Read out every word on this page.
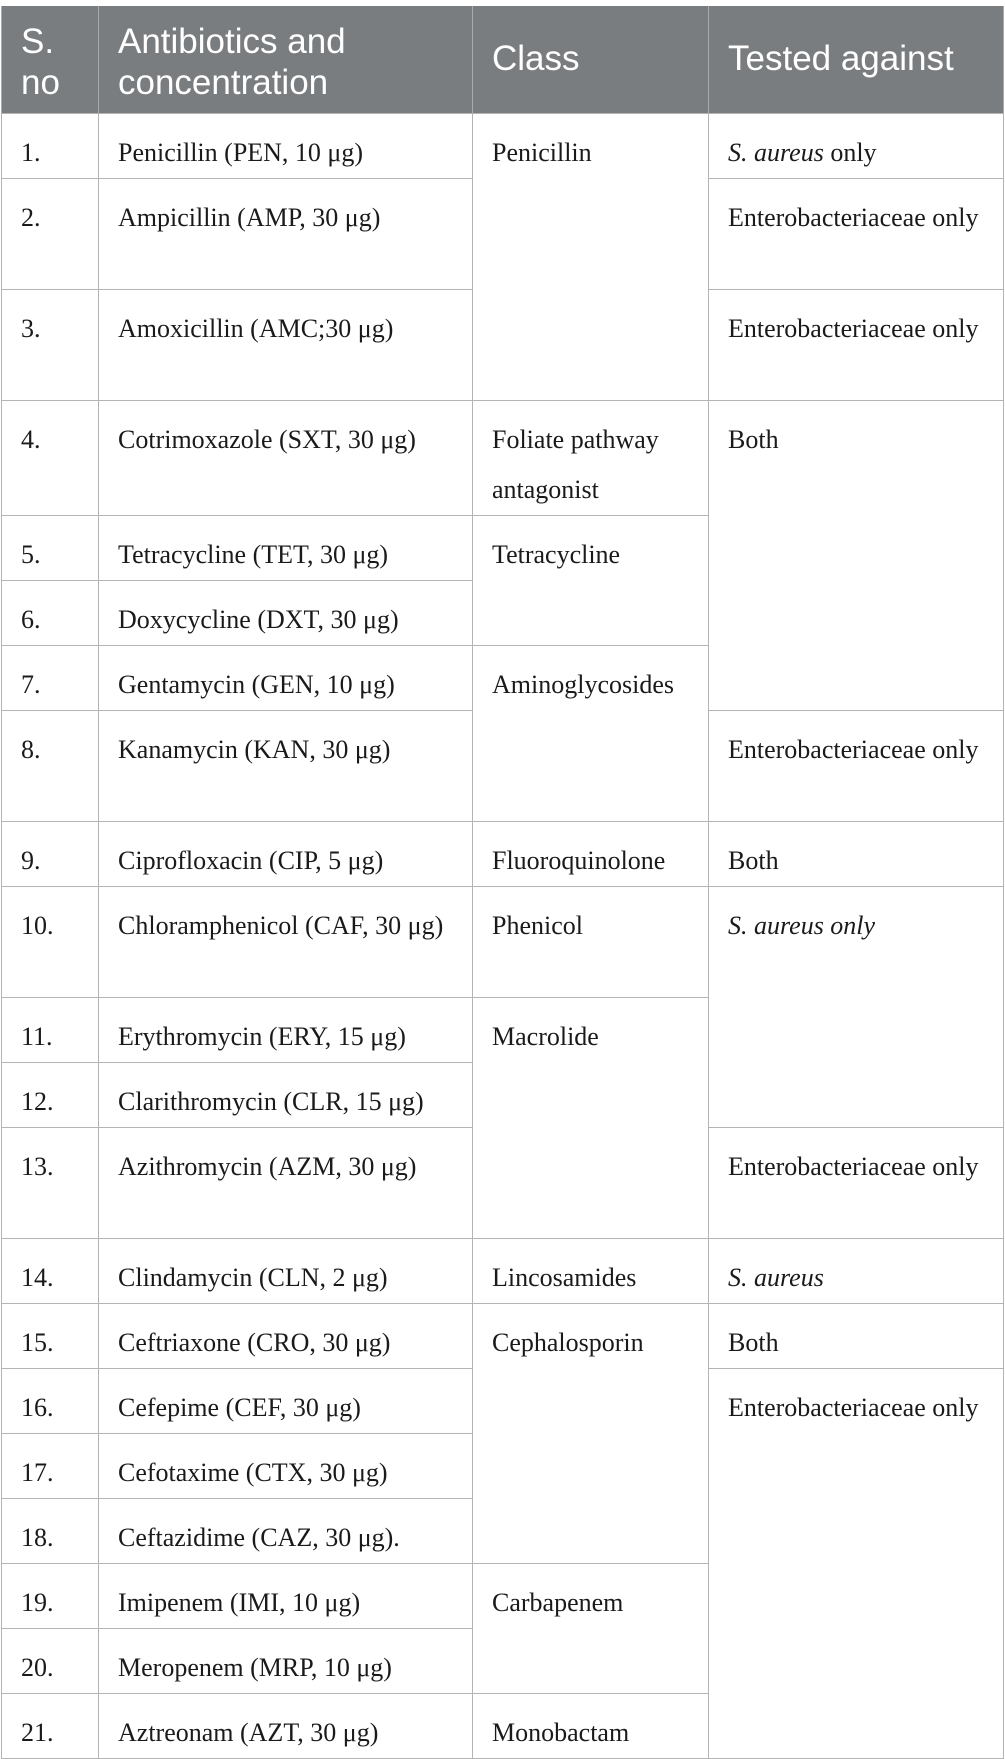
S. no	Antibiotics and concentration	Class	Tested against
1.	Penicillin (PEN, 10 μg)	Penicillin	S. aureus only
2.	Ampicillin (AMP, 30 μg)		Enterobacteriaceae only
3.	Amoxicillin (AMC;30 μg)		Enterobacteriaceae only
4.	Cotrimoxazole (SXT, 30 μg)	Foliate pathway antagonist	Both
5.	Tetracycline (TET, 30 μg)	Tetracycline	
6.	Doxycycline (DXT, 30 μg)		
7.	Gentamycin (GEN, 10 μg)	Aminoglycosides	
8.	Kanamycin (KAN, 30 μg)		Enterobacteriaceae only
9.	Ciprofloxacin (CIP, 5 μg)	Fluoroquinolone	Both
10.	Chloramphenicol (CAF, 30 μg)	Phenicol	S. aureus only
11.	Erythromycin (ERY, 15 μg)	Macrolide	
12.	Clarithromycin (CLR, 15 μg)		
13.	Azithromycin (AZM, 30 μg)		Enterobacteriaceae only
14.	Clindamycin (CLN, 2 μg)	Lincosamides	S. aureus
15.	Ceftriaxone (CRO, 30 μg)	Cephalosporin	Both
16.	Cefepime (CEF, 30 μg)		Enterobacteriaceae only
17.	Cefotaxime (CTX, 30 μg)		
18.	Ceftazidime (CAZ, 30 μg).		
19.	Imipenem (IMI, 10 μg)	Carbapenem	
20.	Meropenem (MRP, 10 μg)		
21.	Aztreonam (AZT, 30 μg)	Monobactam	
